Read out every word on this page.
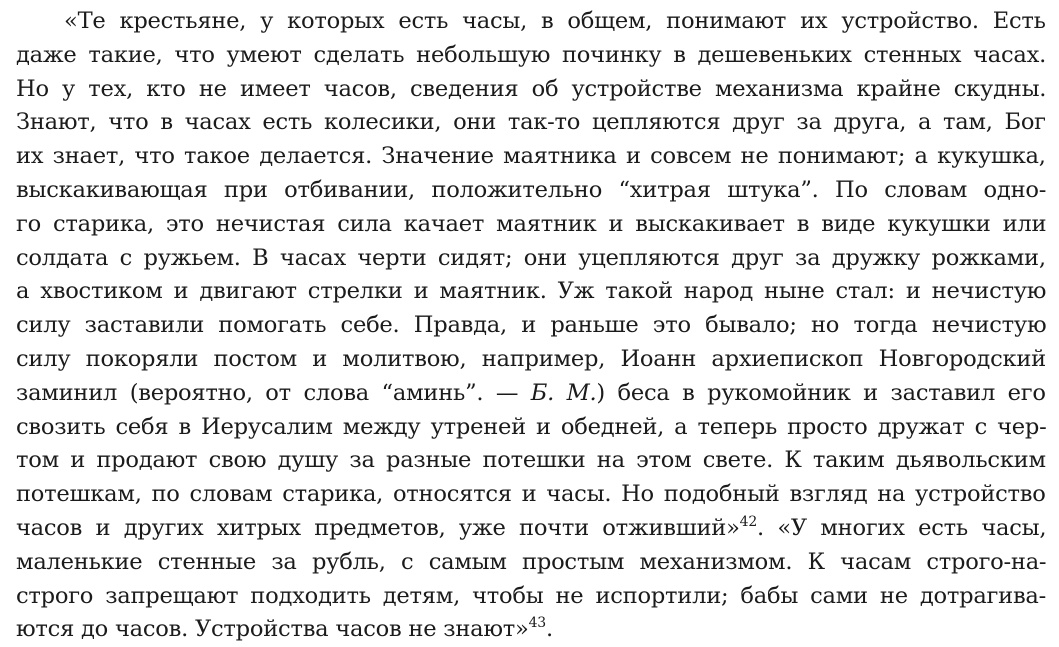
«Те крестьяне, у которых есть часы, в общем, понимают их устройство. Есть
даже такие, что умеют сделать небольшую починку в дешевеньких стенных часах.
Но у тех, кто не имеет часов, сведения об устройстве механизма крайне скудны.
Знают, что в часах есть колесики, они так-то цепляются друг за друга, а там, Бог
их знает, что такое делается. Значение маятника и совсем не понимают; а кукушка,
выскакивающая при отбивании, положительно “хитрая штука”. По словам одно-
го старика, это нечистая сила качает маятник и выскакивает в виде кукушки или
солдата с ружьем. В часах черти сидят; они уцепляются друг за дружку рожками,
а хвостиком и двигают стрелки и маятник. Уж такой народ ныне стал: и нечистую
силу заставили помогать себе. Правда, и раньше это бывало; но тогда нечистую
силу покоряли постом и молитвою, например, Иоанн архиепископ Новгородский
заминил (вероятно, от слова “аминь”. — Б. М.) беса в рукомойник и заставил его
свозить себя в Иерусалим между утреней и обедней, а теперь просто дружат с чер-
том и продают свою душу за разные потешки на этом свете. К таким дьявольским
потешкам, по словам старика, относятся и часы. Но подобный взгляд на устройство
часов и других хитрых предметов, уже почти отживший»$^{42}$. «У многих есть часы,
маленькие стенные за рубль, с самым простым механизмом. К часам строго-на-
строго запрещают подходить детям, чтобы не испортили; бабы сами не дотрагива-
ются до часов. Устройства часов не знают»$^{43}$.
